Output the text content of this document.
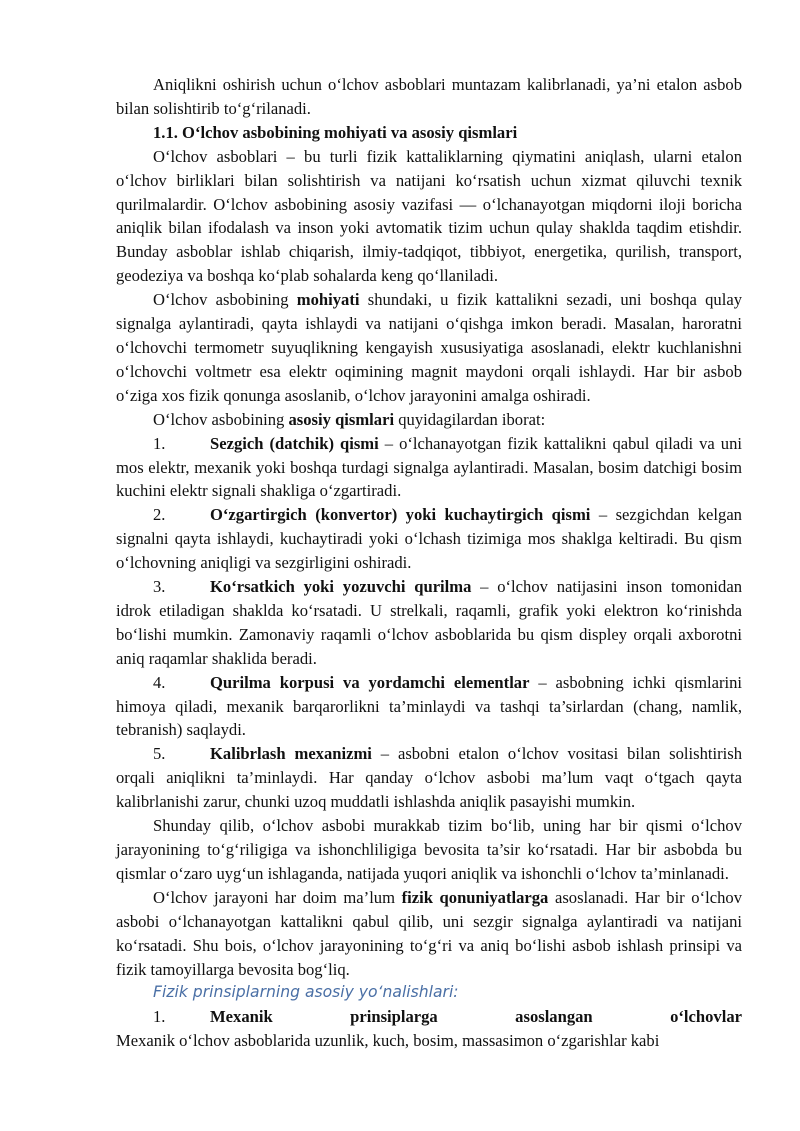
Aniqlikni oshirish uchun o‘lchov asboblari muntazam kalibrlanadi, ya’ni etalon asbob bilan solishtirib to‘g‘rilanadi.

1.1. O‘lchov asbobining mohiyati va asosiy qismlari

O‘lchov asboblari – bu turli fizik kattaliklarning qiymatini aniqlash, ularni etalon o‘lchov birliklari bilan solishtirish va natijani ko‘rsatish uchun xizmat qiluvchi texnik qurilmalardir. O‘lchov asbobining asosiy vazifasi — o‘lchanayotgan miqdorni iloji boricha aniqlik bilan ifodalash va inson yoki avtomatik tizim uchun qulay shaklda taqdim etishdir. Bunday asboblar ishlab chiqarish, ilmiy-tadqiqot, tibbiyot, energetika, qurilish, transport, geodeziya va boshqa ko‘plab sohalarda keng qo‘llaniladi.

O‘lchov asbobining mohiyati shundaki, u fizik kattalikni sezadi, uni boshqa qulay signalga aylantiradi, qayta ishlaydi va natijani o‘qishga imkon beradi. Masalan, haroratni o‘lchovchi termometr suyuqlikning kengayish xususiyatiga asoslanadi, elektr kuchlanishni o‘lchovchi voltmetr esa elektr oqimining magnit maydoni orqali ishlaydi. Har bir asbob o‘ziga xos fizik qonunga asoslanib, o‘lchov jarayonini amalga oshiradi.

O‘lchov asbobining asosiy qismlari quyidagilardan iborat:

1.	Sezgich (datchik) qismi – o‘lchanayotgan fizik kattalikni qabul qiladi va uni mos elektr, mexanik yoki boshqa turdagi signalga aylantiradi. Masalan, bosim datchigi bosim kuchini elektr signali shakliga o‘zgartiradi.

2.	O‘zgartirgich (konvertor) yoki kuchaytirgich qismi – sezgichdan kelgan signalni qayta ishlaydi, kuchaytiradi yoki o‘lchash tizimiga mos shaklga keltiradi. Bu qism o‘lchovning aniqligi va sezgirligini oshiradi.

3.	Ko‘rsatkich yoki yozuvchi qurilma – o‘lchov natijasini inson tomonidan idrok etiladigan shaklda ko‘rsatadi. U strelkali, raqamli, grafik yoki elektron ko‘rinishda bo‘lishi mumkin. Zamonaviy raqamli o‘lchov asboblarida bu qism displey orqali axborotni aniq raqamlar shaklida beradi.

4.	Qurilma korpusi va yordamchi elementlar – asbobning ichki qismlarini himoya qiladi, mexanik barqarorlikni ta’minlaydi va tashqi ta’sirlardan (chang, namlik, tebranish) saqlaydi.

5.	Kalibrlash mexanizmi – asbobni etalon o‘lchov vositasi bilan solishtirish orqali aniqlikni ta’minlaydi. Har qanday o‘lchov asbobi ma’lum vaqt o‘tgach qayta kalibrlanishi zarur, chunki uzoq muddatli ishlashda aniqlik pasayishi mumkin.

Shunday qilib, o‘lchov asbobi murakkab tizim bo‘lib, uning har bir qismi o‘lchov jarayonining to‘g‘riligiga va ishonchliligiga bevosita ta’sir ko‘rsatadi. Har bir asbobda bu qismlar o‘zaro uyg‘un ishlaganda, natijada yuqori aniqlik va ishonchli o‘lchov ta’minlanadi.

O‘lchov jarayoni har doim ma’lum fizik qonuniyatlarga asoslanadi. Har bir o‘lchov asbobi o‘lchanayotgan kattalikni qabul qilib, uni sezgir signalga aylantiradi va natijani ko‘rsatadi. Shu bois, o‘lchov jarayonining to‘g‘ri va aniq bo‘lishi asbob ishlash prinsipi va fizik tamoyillarga bevosita bog‘liq.

Fizik prinsiplarning asosiy yo‘nalishlari:

1.	Mexanik prinsiplarga asoslangan o‘lchovlar

Mexanik o‘lchov asboblarida uzunlik, kuch, bosim, massasimon o‘zgarishlar kabi
